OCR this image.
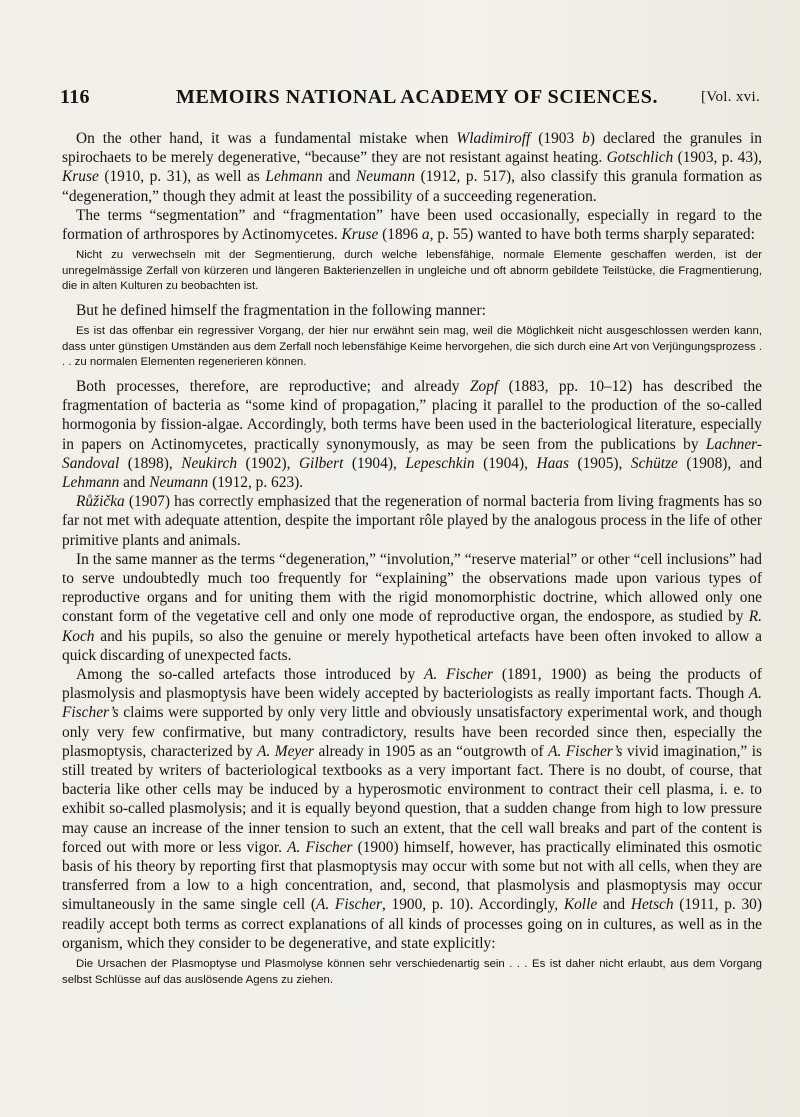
116	MEMOIRS NATIONAL ACADEMY OF SCIENCES.	[Vol. xvi.

On the other hand, it was a fundamental mistake when Wladimiroff (1903 b) declared the granules in spirochaets to be merely degenerative, “because” they are not resistant against heating. Gotschlich (1903, p. 43), Kruse (1910, p. 31), as well as Lehmann and Neumann (1912, p. 517), also classify this granula formation as “degeneration,” though they admit at least the possibility of a succeeding regeneration.

The terms “segmentation” and “fragmentation” have been used occasionally, especially in regard to the formation of arthrospores by Actinomycetes. Kruse (1896 a, p. 55) wanted to have both terms sharply separated:

Nicht zu verwechseln mit der Segmentierung, durch welche lebensfähige, normale Elemente geschaffen werden, ist der unregelmässige Zerfall von kürzeren und längeren Bakterienzellen in ungleiche und oft abnorm gebildete Teilstücke, die Fragmentierung, die in alten Kulturen zu beobachten ist.

But he defined himself the fragmentation in the following manner:

Es ist das offenbar ein regressiver Vorgang, der hier nur erwähnt sein mag, weil die Möglichkeit nicht ausgeschlossen werden kann, dass unter günstigen Umständen aus dem Zerfall noch lebensfähige Keime hervorgehen, die sich durch eine Art von Verjüngungsprozess . . . zu normalen Elementen regenerieren können.

Both processes, therefore, are reproductive; and already Zopf (1883, pp. 10–12) has described the fragmentation of bacteria as “some kind of propagation,” placing it parallel to the production of the so-called hormogonia by fission-algae. Accordingly, both terms have been used in the bacteriological literature, especially in papers on Actinomycetes, practically synonymously, as may be seen from the publications by Lachner-Sandoval (1898), Neukirch (1902), Gilbert (1904), Lepeschkin (1904), Haas (1905), Schütze (1908), and Lehmann and Neumann (1912, p. 623).

Růžička (1907) has correctly emphasized that the regeneration of normal bacteria from living fragments has so far not met with adequate attention, despite the important rôle played by the analogous process in the life of other primitive plants and animals.

In the same manner as the terms “degeneration,” “involution,” “reserve material” or other “cell inclusions” had to serve undoubtedly much too frequently for “explaining” the observations made upon various types of reproductive organs and for uniting them with the rigid monomorphistic doctrine, which allowed only one constant form of the vegetative cell and only one mode of reproductive organ, the endospore, as studied by R. Koch and his pupils, so also the genuine or merely hypothetical artefacts have been often invoked to allow a quick discarding of unexpected facts.

Among the so-called artefacts those introduced by A. Fischer (1891, 1900) as being the products of plasmolysis and plasmoptysis have been widely accepted by bacteriologists as really important facts. Though A. Fischer’s claims were supported by only very little and obviously unsatisfactory experimental work, and though only very few confirmative, but many contradictory, results have been recorded since then, especially the plasmoptysis, characterized by A. Meyer already in 1905 as an “outgrowth of A. Fischer’s vivid imagination,” is still treated by writers of bacteriological textbooks as a very important fact. There is no doubt, of course, that bacteria like other cells may be induced by a hyperosmotic environment to contract their cell plasma, i. e. to exhibit so-called plasmolysis; and it is equally beyond question, that a sudden change from high to low pressure may cause an increase of the inner tension to such an extent, that the cell wall breaks and part of the content is forced out with more or less vigor. A. Fischer (1900) himself, however, has practically eliminated this osmotic basis of his theory by reporting first that plasmoptysis may occur with some but not with all cells, when they are transferred from a low to a high concentration, and, second, that plasmolysis and plasmoptysis may occur simultaneously in the same single cell (A. Fischer, 1900, p. 10). Accordingly, Kolle and Hetsch (1911, p. 30) readily accept both terms as correct explanations of all kinds of processes going on in cultures, as well as in the organism, which they consider to be degenerative, and state explicitly:

Die Ursachen der Plasmoptyse und Plasmolyse können sehr verschiedenartig sein . . . Es ist daher nicht erlaubt, aus dem Vorgang selbst Schlüsse auf das auslösende Agens zu ziehen.
